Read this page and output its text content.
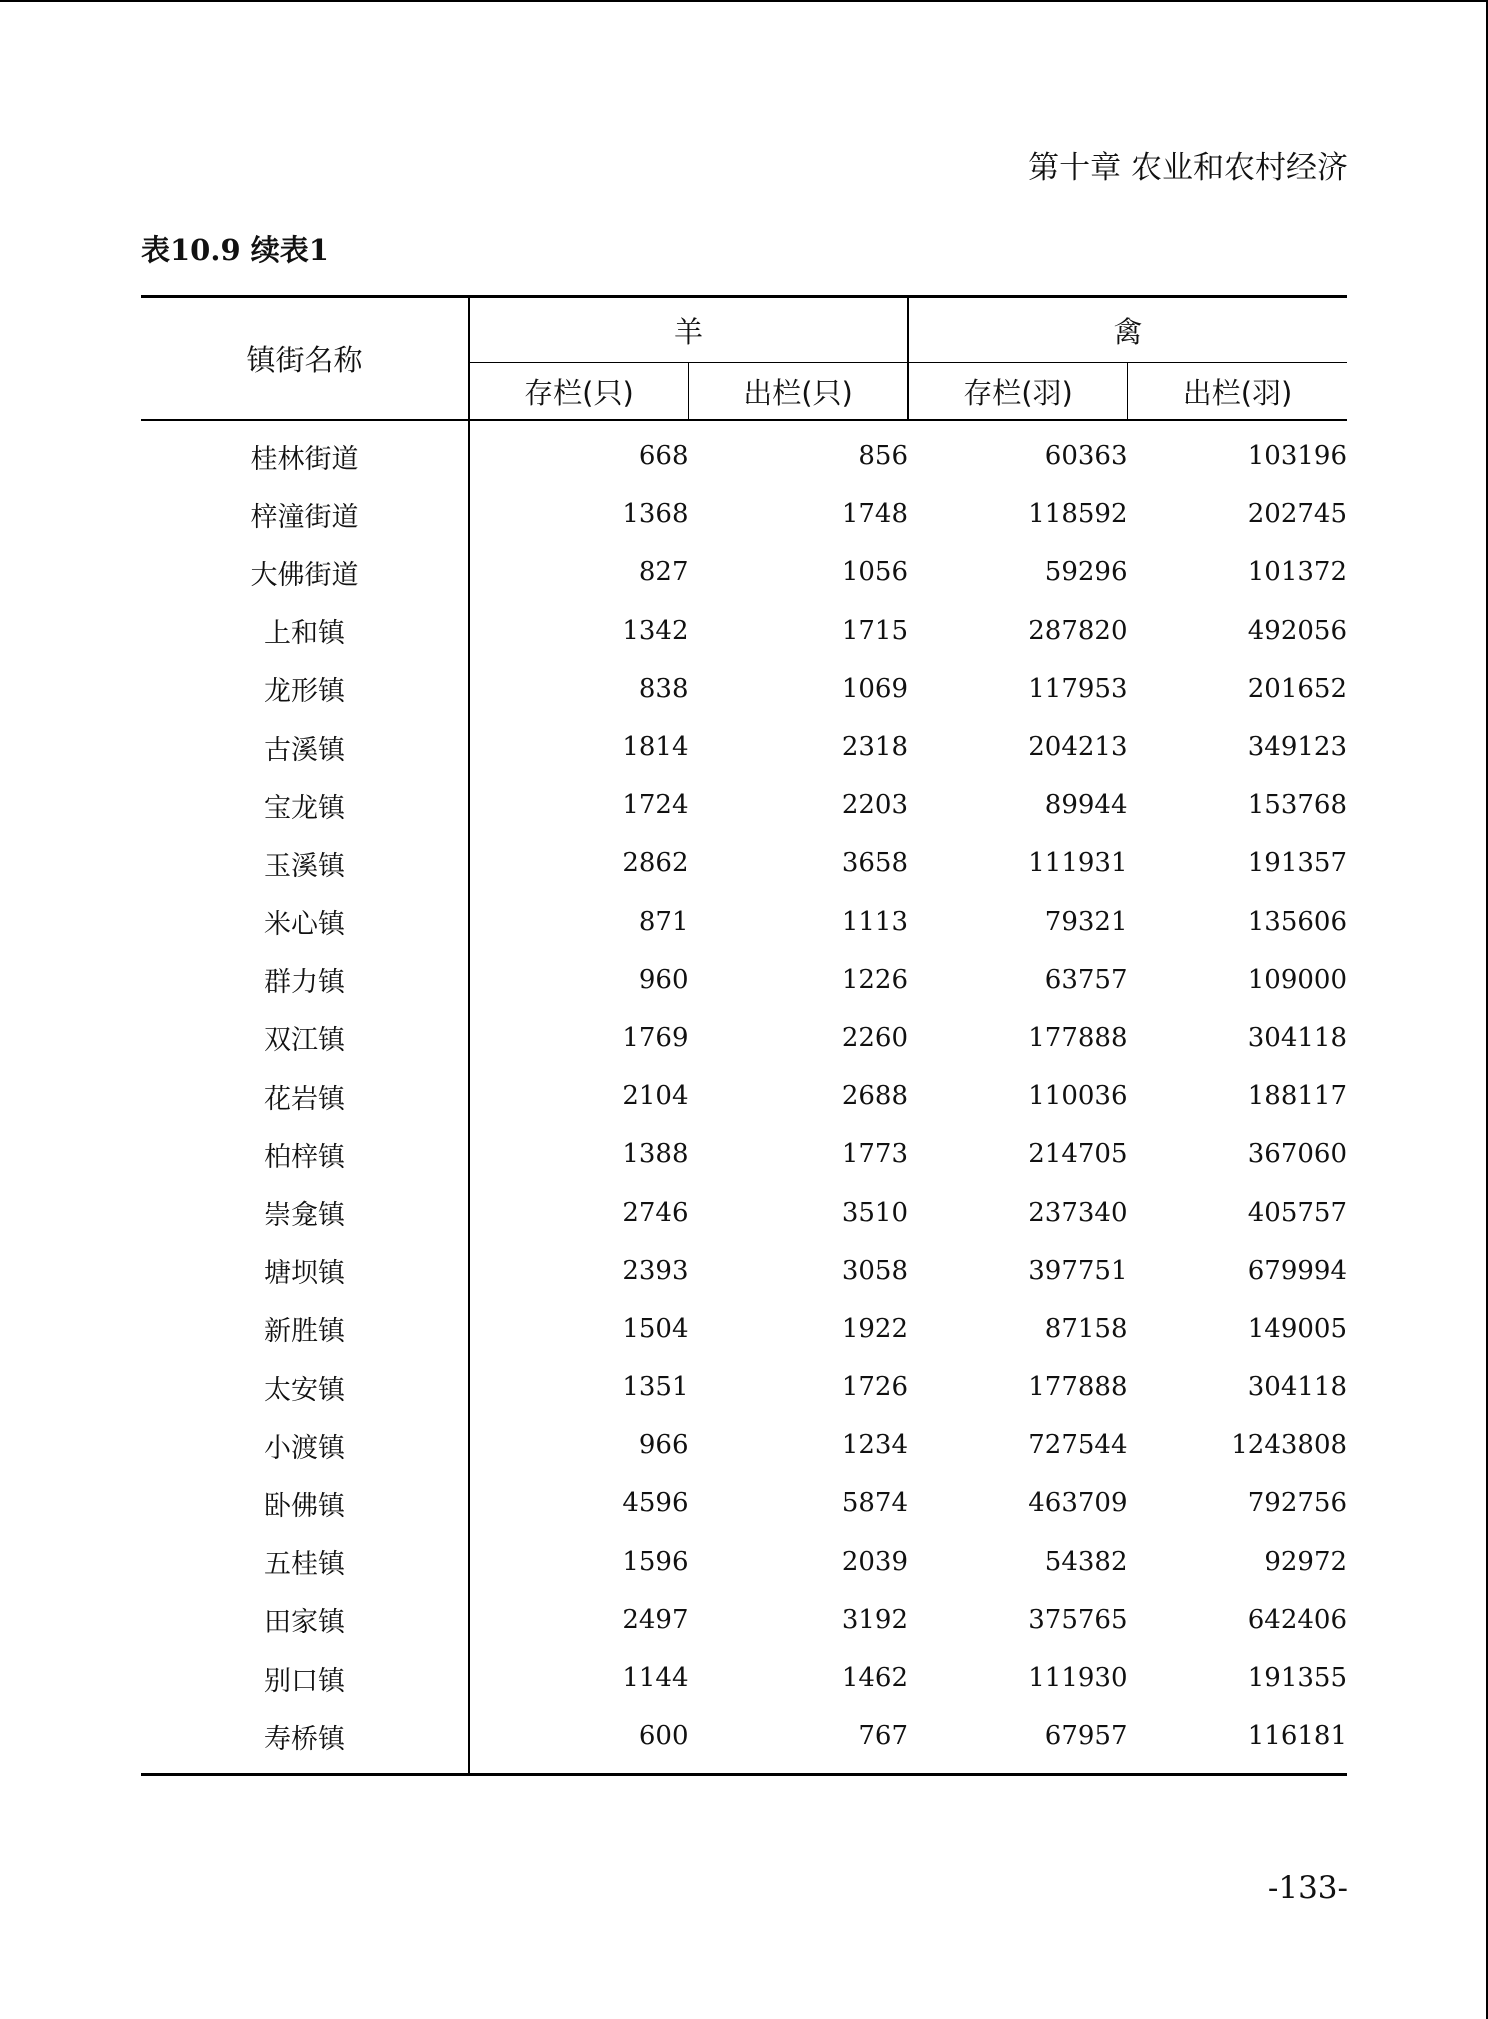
第十章 农业和农村经济
表10.9 续表1
镇街名称	羊		禽	
	存栏(只)	出栏(只)	存栏(羽)	出栏(羽)
桂林街道	668	856	60363	103196
梓潼街道	1368	1748	118592	202745
大佛街道	827	1056	59296	101372
上和镇	1342	1715	287820	492056
龙形镇	838	1069	117953	201652
古溪镇	1814	2318	204213	349123
宝龙镇	1724	2203	89944	153768
玉溪镇	2862	3658	111931	191357
米心镇	871	1113	79321	135606
群力镇	960	1226	63757	109000
双江镇	1769	2260	177888	304118
花岩镇	2104	2688	110036	188117
柏梓镇	1388	1773	214705	367060
崇龛镇	2746	3510	237340	405757
塘坝镇	2393	3058	397751	679994
新胜镇	1504	1922	87158	149005
太安镇	1351	1726	177888	304118
小渡镇	966	1234	727544	1243808
卧佛镇	4596	5874	463709	792756
五桂镇	1596	2039	54382	92972
田家镇	2497	3192	375765	642406
别口镇	1144	1462	111930	191355
寿桥镇	600	767	67957	116181
-133-
